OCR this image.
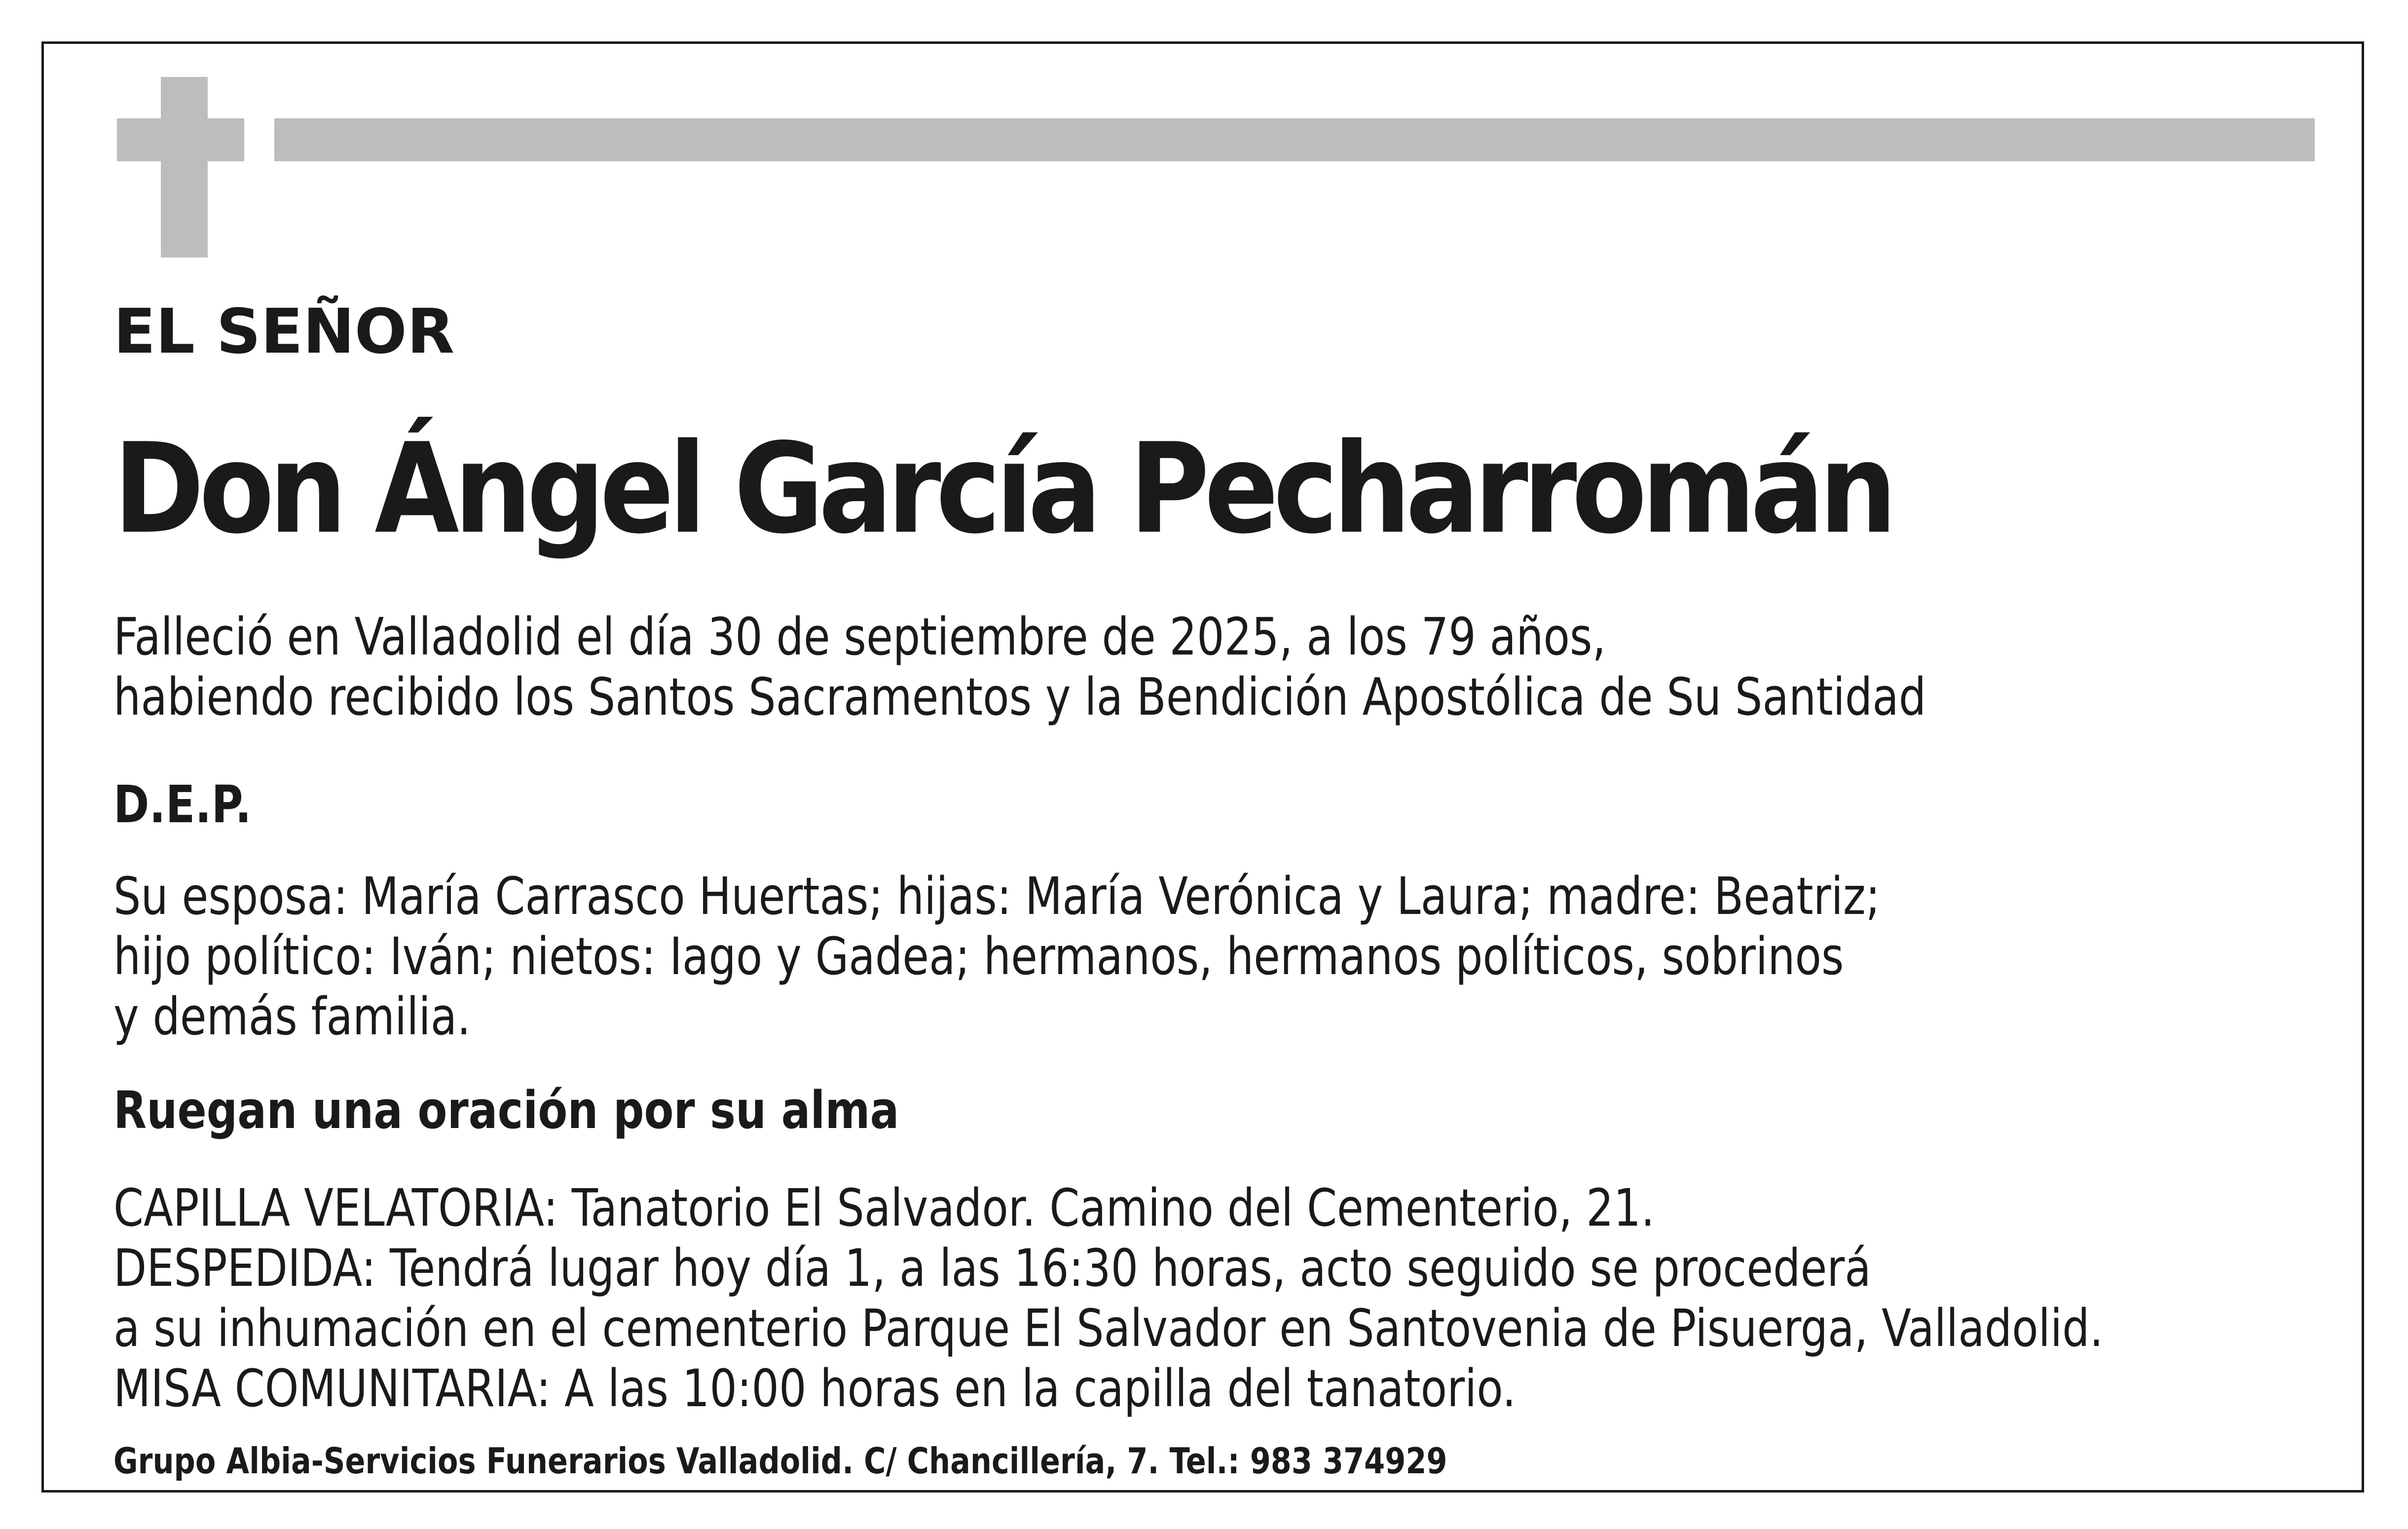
EL SEÑOR

Don Ángel García Pecharromán

Falleció en Valladolid el día 30 de septiembre de 2025, a los 79 años,
habiendo recibido los Santos Sacramentos y la Bendición Apostólica de Su Santidad

D.E.P.

Su esposa: María Carrasco Huertas; hijas: María Verónica y Laura; madre: Beatriz;
hijo político: Iván; nietos: Iago y Gadea; hermanos, hermanos políticos, sobrinos
y demás familia.

Ruegan una oración por su alma

CAPILLA VELATORIA: Tanatorio El Salvador. Camino del Cementerio, 21.
DESPEDIDA: Tendrá lugar hoy día 1, a las 16:30 horas, acto seguido se procederá
a su inhumación en el cementerio Parque El Salvador en Santovenia de Pisuerga, Valladolid.
MISA COMUNITARIA: A las 10:00 horas en la capilla del tanatorio.

Grupo Albia-Servicios Funerarios Valladolid. C/ Chancillería, 7. Tel.: 983 374929
